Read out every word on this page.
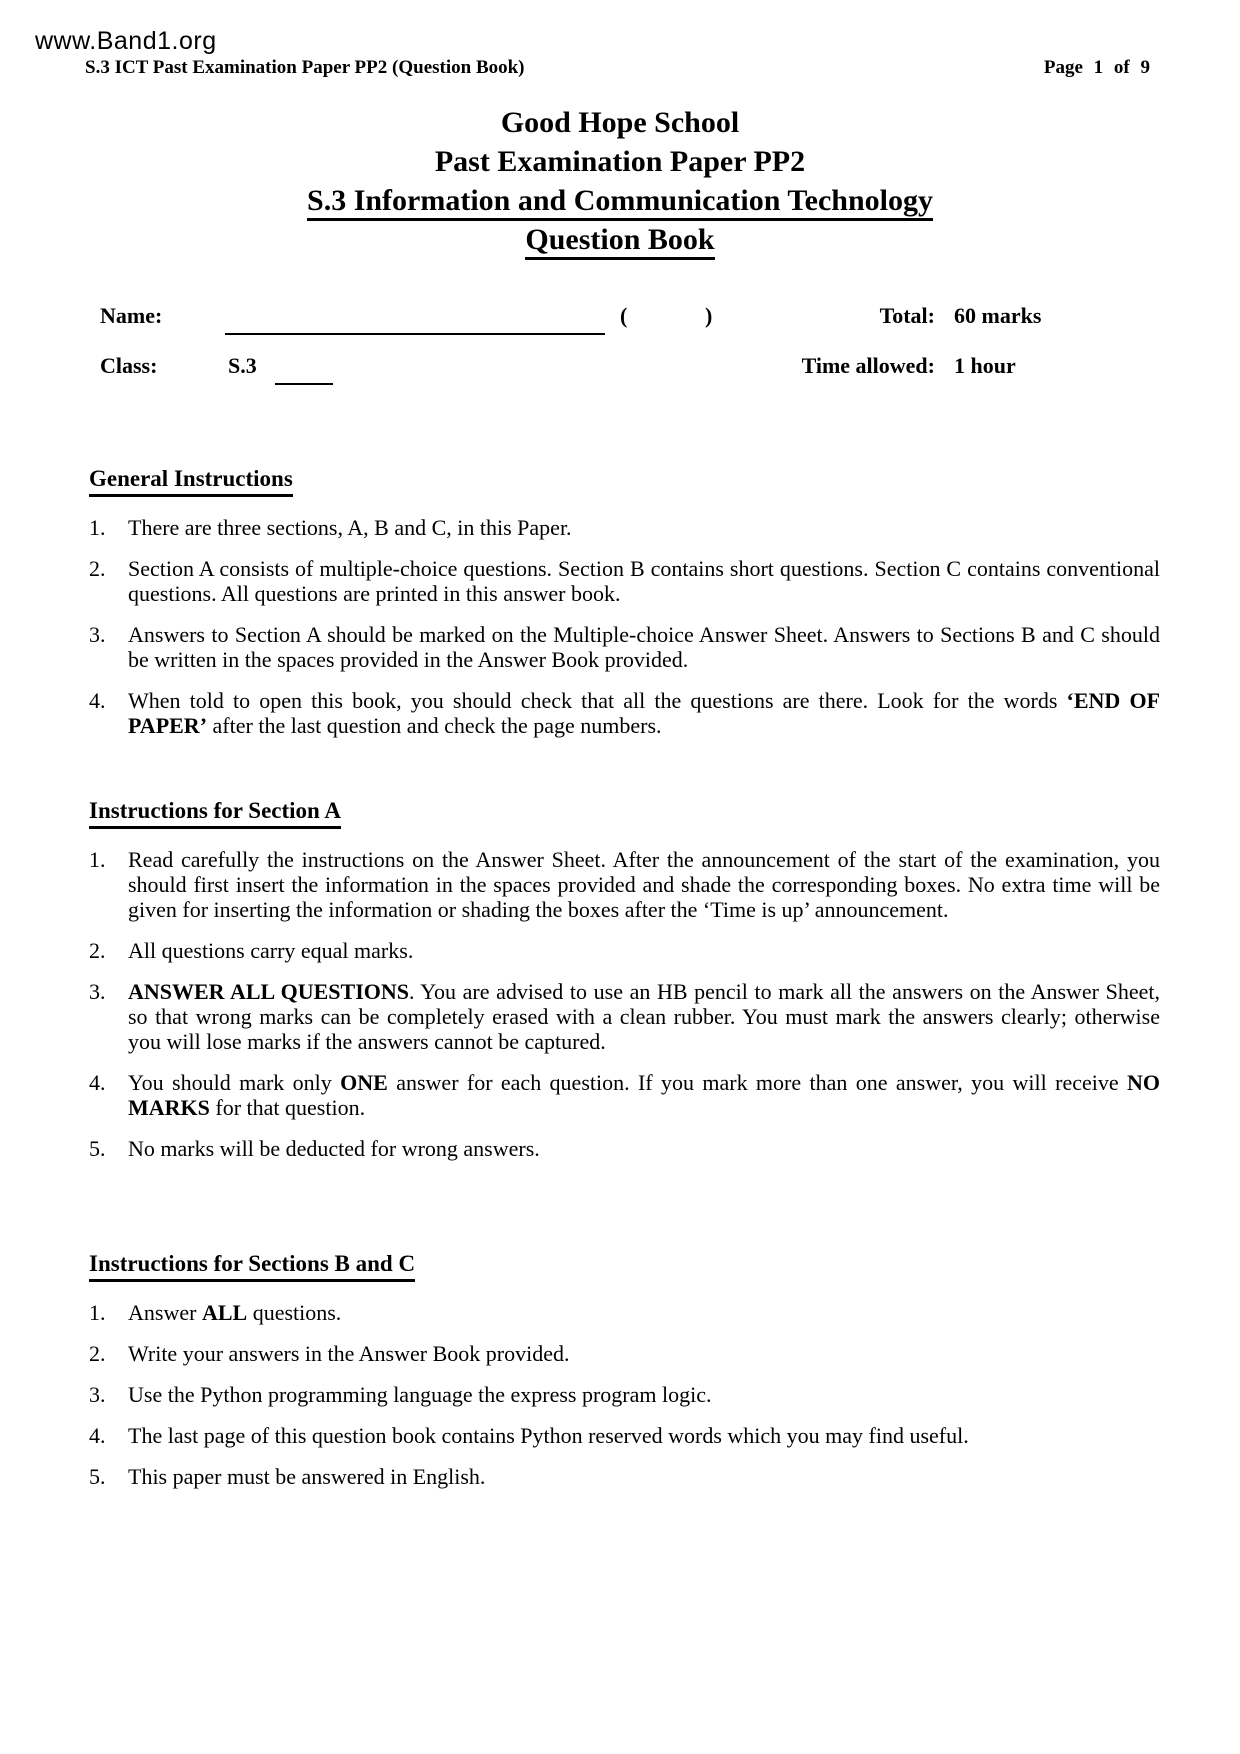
www.Band1.org
S.3 ICT Past Examination Paper PP2 (Question Book)	Page 1 of 9
Good Hope School
Past Examination Paper PP2
S.3 Information and Communication Technology
Question Book
Name:	(	)	Total: 60 marks
Class:	S.3	Time allowed: 1 hour
General Instructions
1.	There are three sections, A, B and C, in this Paper.
2.	Section A consists of multiple-choice questions. Section B contains short questions. Section C contains conventional questions. All questions are printed in this answer book.
3.	Answers to Section A should be marked on the Multiple-choice Answer Sheet. Answers to Sections B and C should be written in the spaces provided in the Answer Book provided.
4.	When told to open this book, you should check that all the questions are there. Look for the words ‘END OF PAPER’ after the last question and check the page numbers.
Instructions for Section A
1.	Read carefully the instructions on the Answer Sheet. After the announcement of the start of the examination, you should first insert the information in the spaces provided and shade the corresponding boxes. No extra time will be given for inserting the information or shading the boxes after the ‘Time is up’ announcement.
2.	All questions carry equal marks.
3.	ANSWER ALL QUESTIONS. You are advised to use an HB pencil to mark all the answers on the Answer Sheet, so that wrong marks can be completely erased with a clean rubber. You must mark the answers clearly; otherwise you will lose marks if the answers cannot be captured.
4.	You should mark only ONE answer for each question. If you mark more than one answer, you will receive NO MARKS for that question.
5.	No marks will be deducted for wrong answers.
Instructions for Sections B and C
1.	Answer ALL questions.
2.	Write your answers in the Answer Book provided.
3.	Use the Python programming language the express program logic.
4.	The last page of this question book contains Python reserved words which you may find useful.
5.	This paper must be answered in English.
